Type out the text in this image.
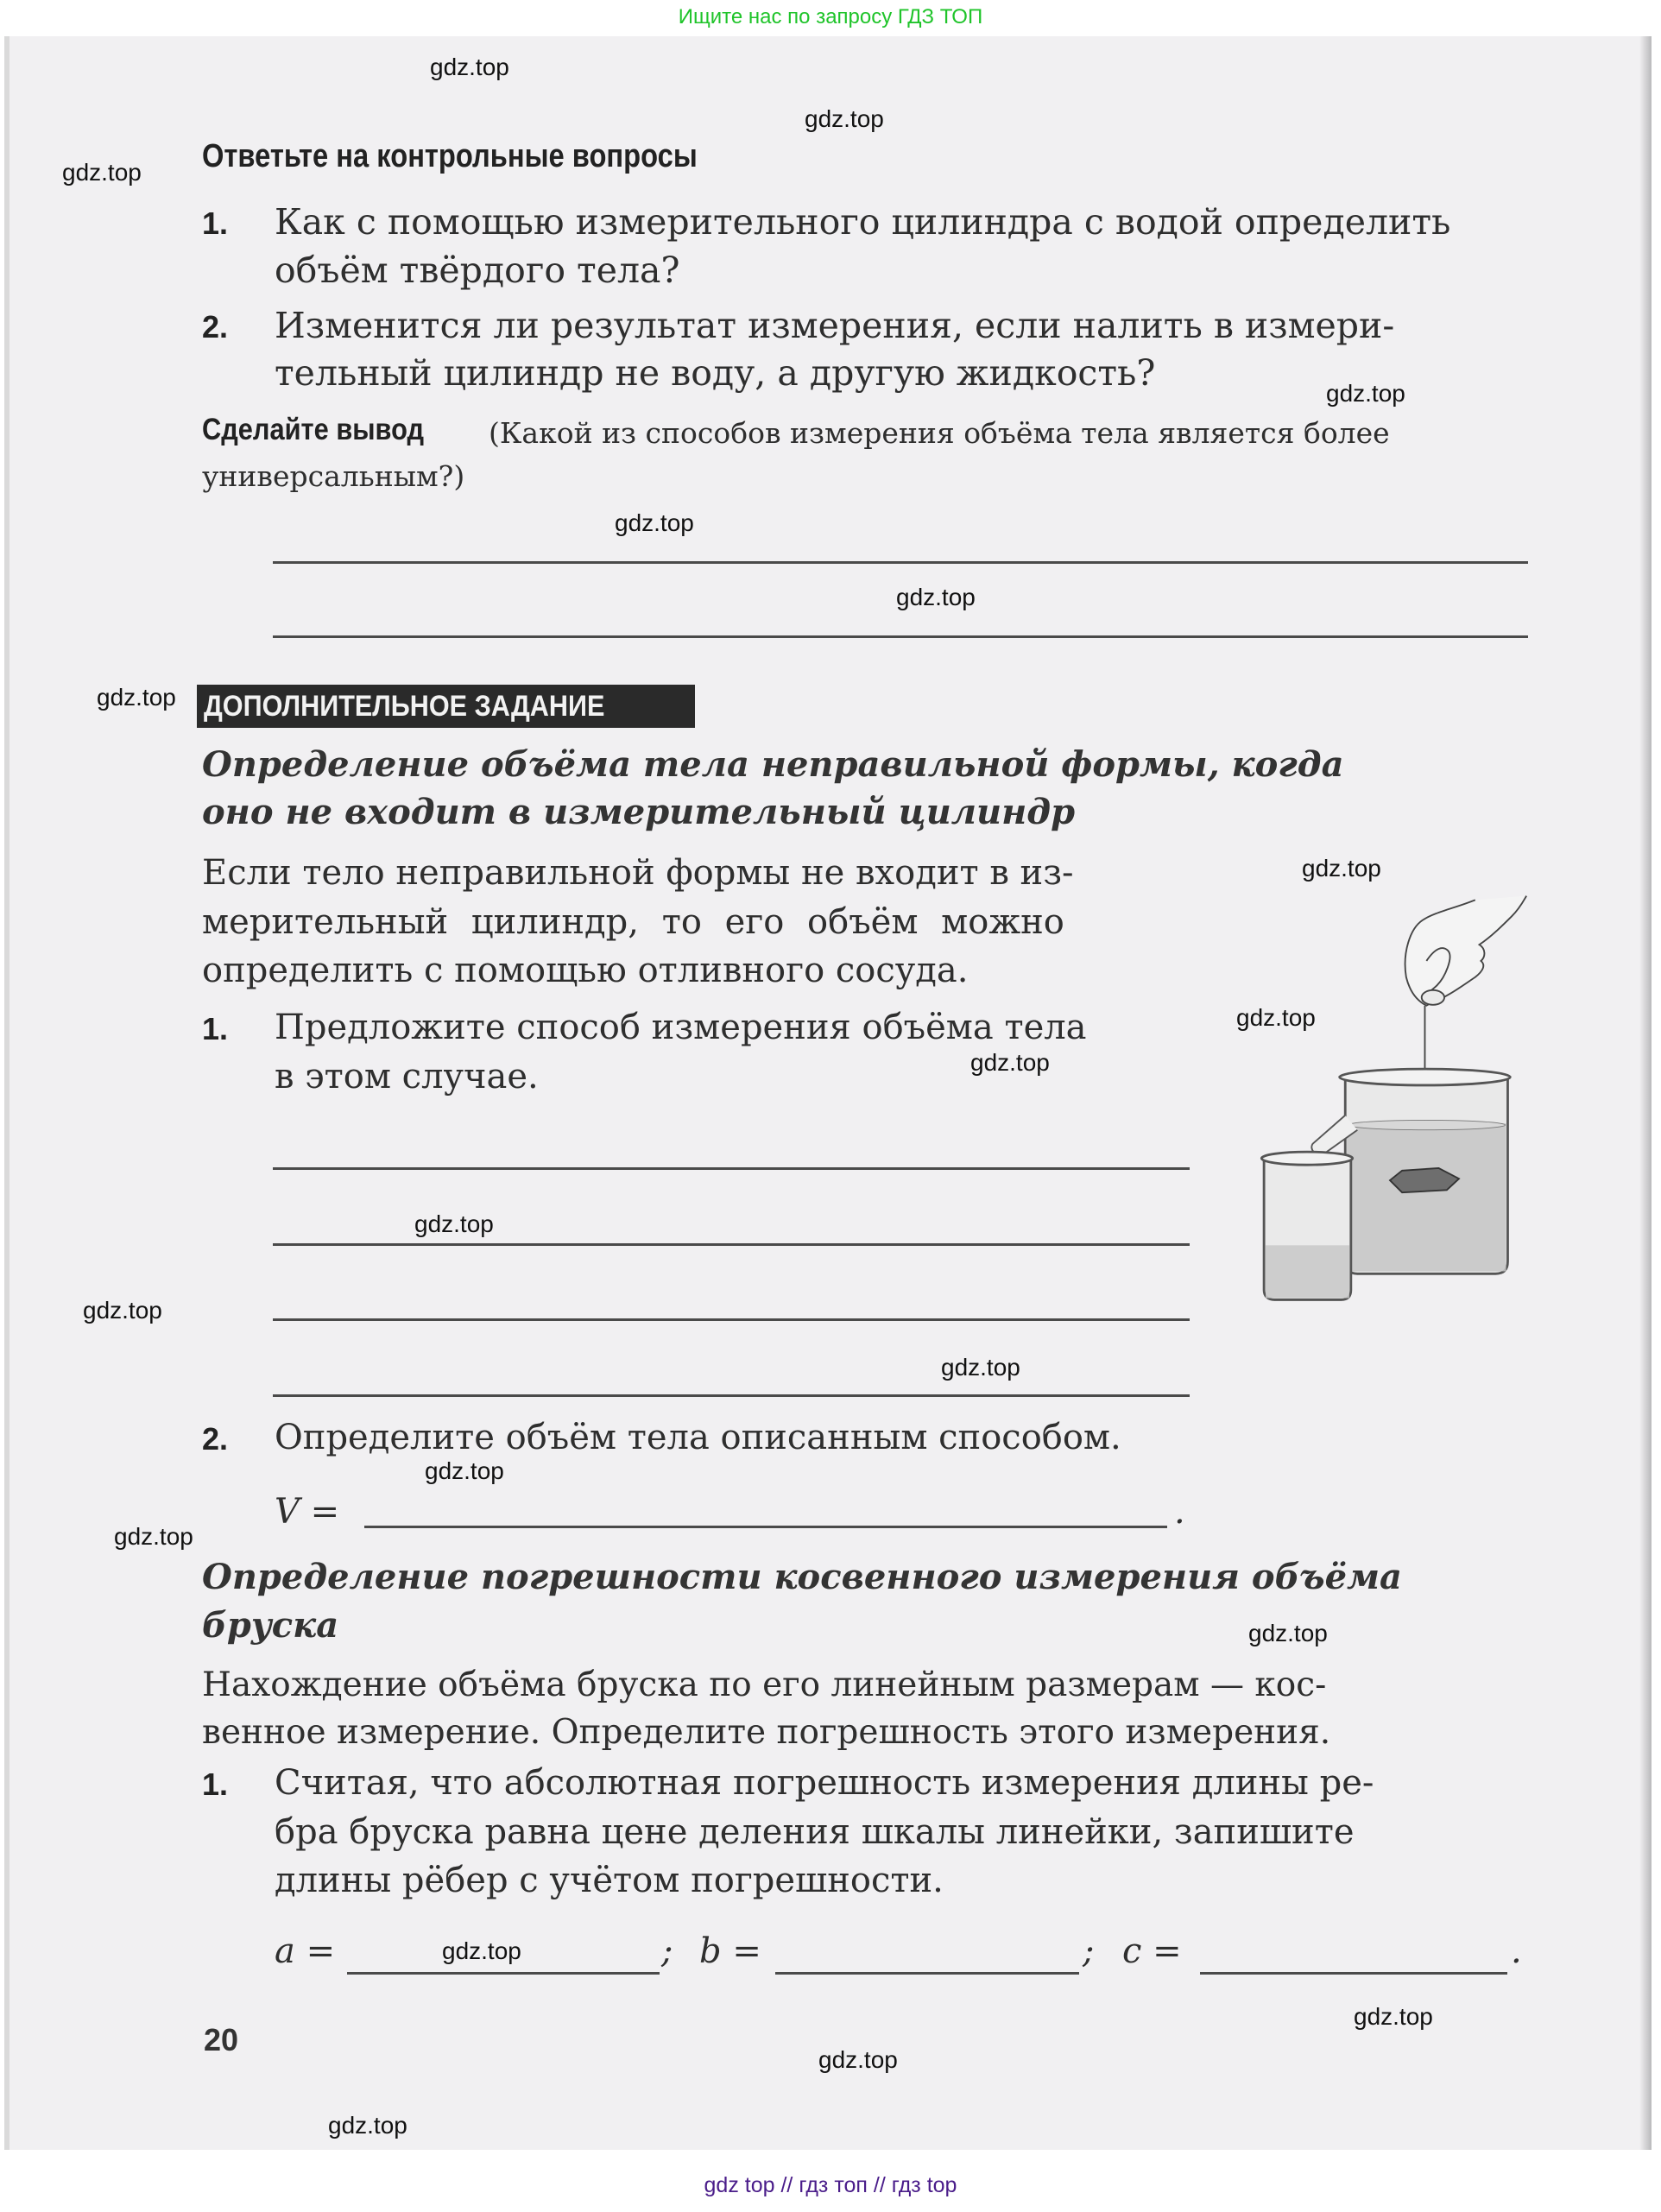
Ищите нас по запросу ГДЗ ТОП
Ответьте на контрольные вопросы
1. Как с помощью измерительного цилиндра с водой определить
объём твёрдого тела?
2. Изменится ли результат измерения, если налить в измери-
тельный цилиндр не воду, а другую жидкость?
Сделайте вывод	(Какой из способов измерения объёма тела является более
универсальным?)
ДОПОЛНИТЕЛЬНОЕ ЗАДАНИЕ
Определение объёма тела неправильной формы, когда
оно не входит в измерительный цилиндр
Если тело неправильной формы не входит в из-
мерительный цилиндр, то его объём можно
определить с помощью отливного сосуда.
1. Предложите способ измерения объёма тела
в этом случае.
2. Определите объём тела описанным способом.
V =	.
Определение погрешности косвенного измерения объёма
бруска
Нахождение объёма бруска по его линейным размерам — кос-
венное измерение. Определите погрешность этого измерения.
1. Считая, что абсолютная погрешность измерения длины ре-
бра бруска равна цене деления шкалы линейки, запишите
длины рёбер с учётом погрешности.
a =	; b =	; c =	.
20
gdz.top
gdz.top
gdz.top
gdz.top
gdz.top
gdz.top
gdz.top
gdz.top
gdz.top
gdz.top
gdz.top
gdz.top
gdz.top
gdz.top
gdz.top
gdz.top
gdz.top
gdz.top
gdz.top
gdz.top
gdz top // гдз топ // гдз top
